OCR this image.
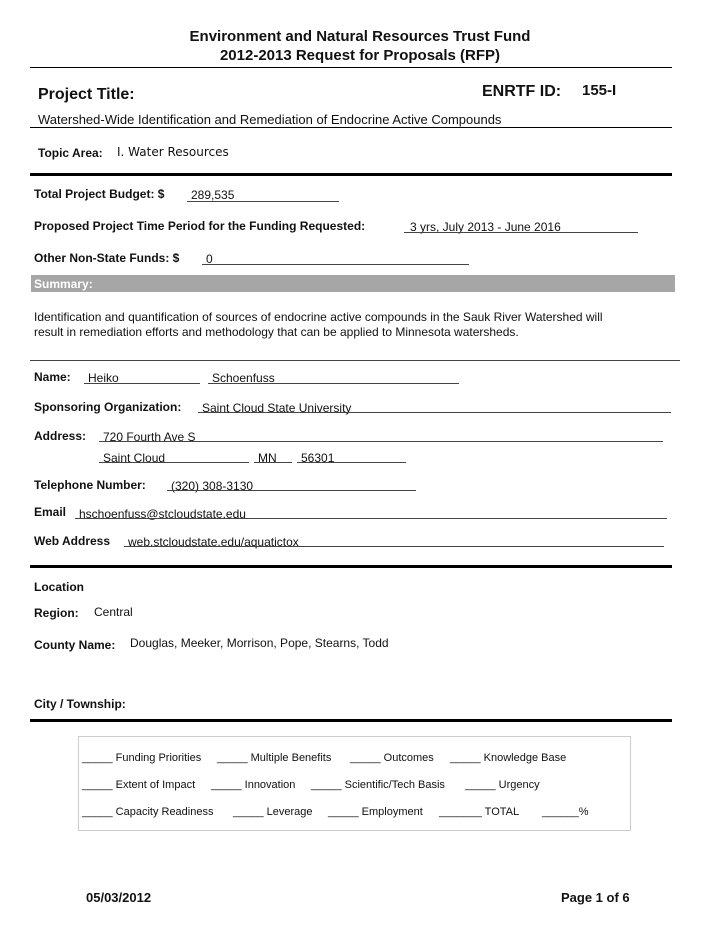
Environment and Natural Resources Trust Fund
2012-2013 Request for Proposals (RFP)
Project Title:	ENRTF ID: 155-I
Watershed-Wide Identification and Remediation of Endocrine Active Compounds
Topic Area: I. Water Resources
Total Project Budget: $ 289,535
Proposed Project Time Period for the Funding Requested:	3 yrs, July 2013 - June 2016
Other Non-State Funds: $ 0
Summary:
Identification and quantification of sources of endocrine active compounds in the Sauk River Watershed will
result in remediation efforts and methodology that can be applied to Minnesota watersheds.
Name: Heiko	Schoenfuss
Sponsoring Organization: Saint Cloud State University
Address: 720 Fourth Ave S
Saint Cloud	MN 56301
Telephone Number: (320) 308-3130
Email hschoenfuss@stcloudstate.edu
Web Address web.stcloudstate.edu/aquatictox
Location
Region: Central
County Name: Douglas, Meeker, Morrison, Pope, Stearns, Todd
City / Township:
_____ Funding Priorities _____ Multiple Benefits _____ Outcomes _____ Knowledge Base
_____ Extent of Impact _____ Innovation _____ Scientific/Tech Basis _____ Urgency
_____ Capacity Readiness _____ Leverage _____ Employment _______ TOTAL ______%
05/03/2012	Page 1 of 6
